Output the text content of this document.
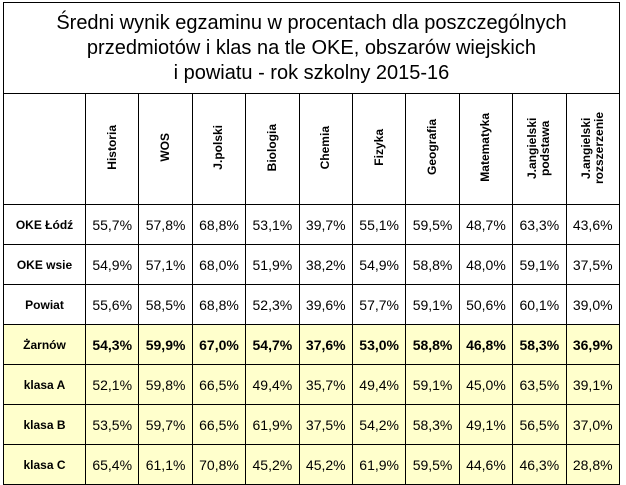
Średni wynik egzaminu w procentach dla poszczególnych
przedmiotów i klas na tle OKE, obszarów wiejskich
i powiatu - rok szkolny 2015-16										

	Historia	WOS	J.polski	Biologia	Chemia	Fizyka	Geografia	Matematyka	J.angielski podstawa	J.angielski rozszerzenie
OKE Łódź	55,7%	57,8%	68,8%	53,1%	39,7%	55,1%	59,5%	48,7%	63,3%	43,6%
OKE wsie	54,9%	57,1%	68,0%	51,9%	38,2%	54,9%	58,8%	48,0%	59,1%	37,5%
Powiat	55,6%	58,5%	68,8%	52,3%	39,6%	57,7%	59,1%	50,6%	60,1%	39,0%
Żarnów	54,3%	59,9%	67,0%	54,7%	37,6%	53,0%	58,8%	46,8%	58,3%	36,9%
klasa A	52,1%	59,8%	66,5%	49,4%	35,7%	49,4%	59,1%	45,0%	63,5%	39,1%
klasa B	53,5%	59,7%	66,5%	61,9%	37,5%	54,2%	58,3%	49,1%	56,5%	37,0%
klasa C	65,4%	61,1%	70,8%	45,2%	45,2%	61,9%	59,5%	44,6%	46,3%	28,8%
